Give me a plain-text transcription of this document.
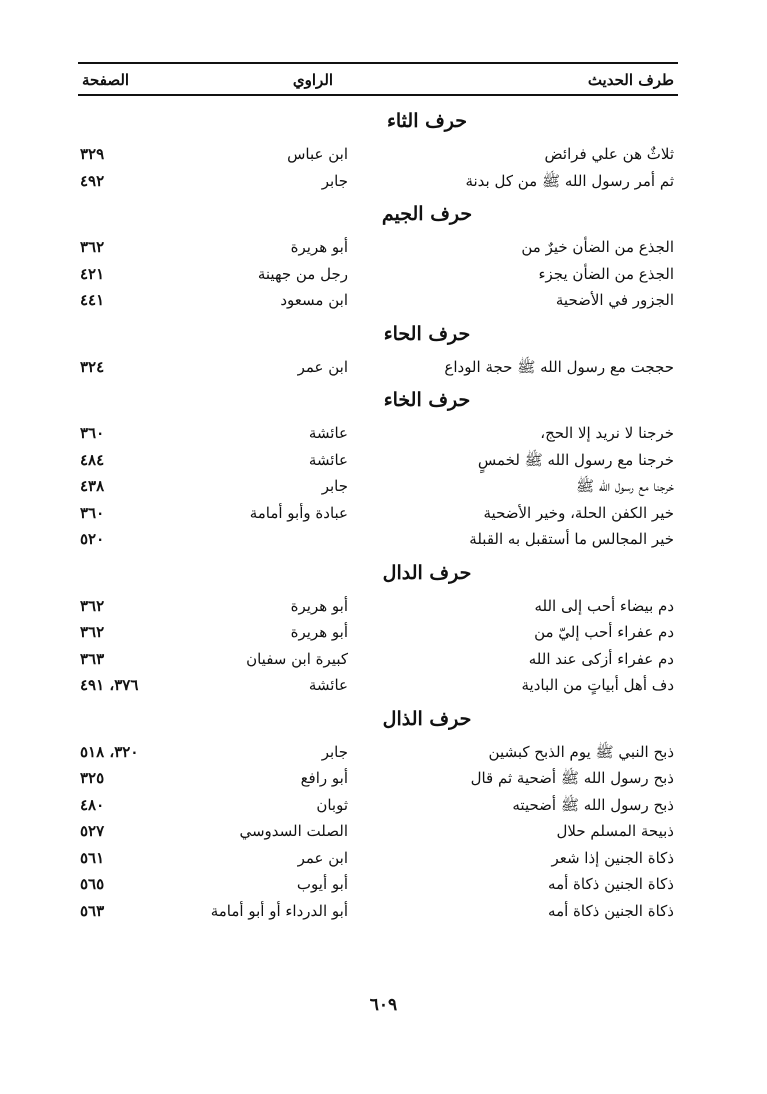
طرف الحديث
الراوي
الصفحة
حرف الثاء
ثلاثٌ هن علي فرائض
ابن عباس
٣٢٩
ثم أمر رسول الله ﷺ من كل بدنة
جابر
٤٩٢
حرف الجيم
الجذع من الضأن خيرٌ من
أبو هريرة
٣٦٢
الجذع من الضأن يجزء
رجل من جهينة
٤٢١
الجزور في الأضحية
ابن مسعود
٤٤١
حرف الحاء
حججت مع رسول الله ﷺ حجة الوداع
ابن عمر
٣٢٤
حرف الخاء
خرجنا لا نريد إلا الحج،
عائشة
٣٦٠
خرجنا مع رسول الله ﷺ لخمسٍ
عائشة
٤٨٤
خرجنا مع رسول الله ﷺ
جابر
٤٣٨
خير الكفن الحلة، وخير الأضحية
عبادة وأبو أمامة
٣٦٠
خير المجالس ما أستقبل به القبلة
٥٢٠
حرف الدال
دم بيضاء أحب إلى الله
أبو هريرة
٣٦٢
دم عفراء أحب إليّ من
أبو هريرة
٣٦٢
دم عفراء أزكى عند الله
كبيرة ابن سفيان
٣٦٣
دف أهل أبياتٍ من البادية
عائشة
٣٧٦، ٤٩١
حرف الذال
ذبح النبي ﷺ يوم الذبح كبشين
جابر
٣٢٠، ٥١٨
ذبح رسول الله ﷺ أضحية ثم قال
أبو رافع
٣٢٥
ذبح رسول الله ﷺ أضحيته
ثوبان
٤٨٠
ذبيحة المسلم حلال
الصلت السدوسي
٥٢٧
ذكاة الجنين إذا شعر
ابن عمر
٥٦١
ذكاة الجنين ذكاة أمه
أبو أيوب
٥٦٥
ذكاة الجنين ذكاة أمه
أبو الدرداء أو أبو أمامة
٥٦٣
٦٠٩
